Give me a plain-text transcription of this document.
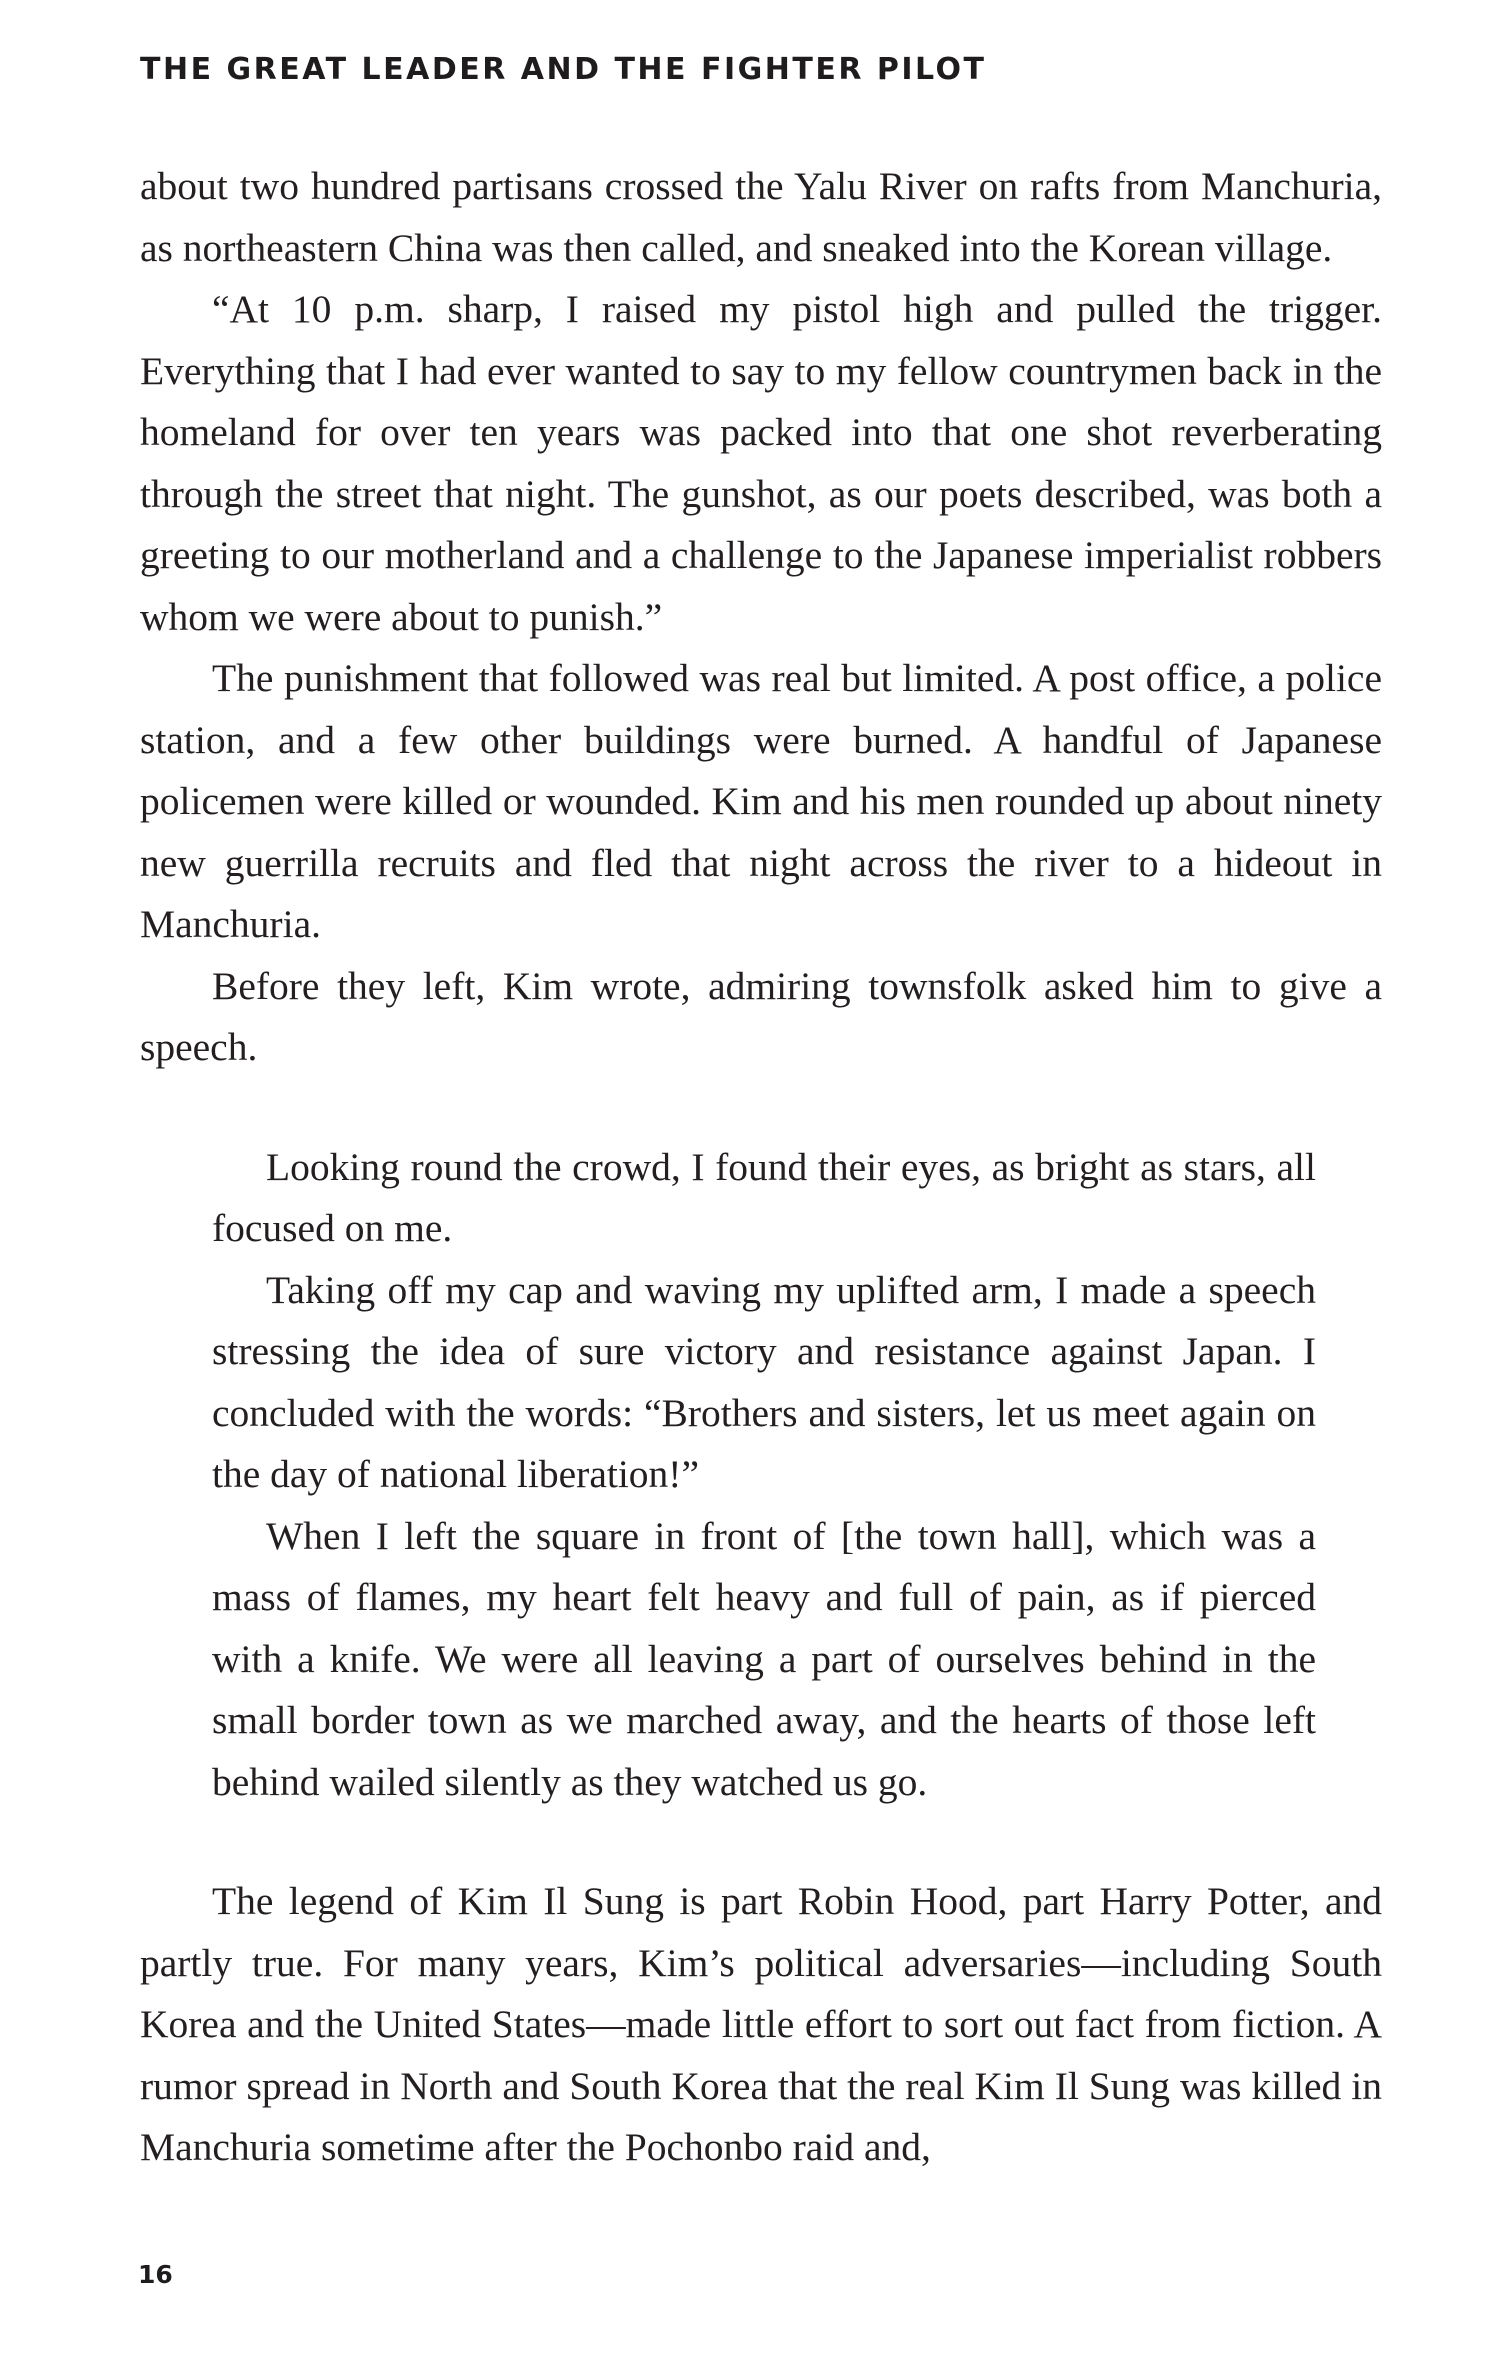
THE GREAT LEADER AND THE FIGHTER PILOT

about two hundred partisans crossed the Yalu River on rafts from Manchuria, as northeastern China was then called, and sneaked into the Korean village.

“At 10 p.m. sharp, I raised my pistol high and pulled the trigger. Everything that I had ever wanted to say to my fellow countrymen back in the homeland for over ten years was packed into that one shot reverberating through the street that night. The gunshot, as our poets described, was both a greeting to our motherland and a challenge to the Japanese imperialist robbers whom we were about to punish.”

The punishment that followed was real but limited. A post office, a police station, and a few other buildings were burned. A handful of Japanese policemen were killed or wounded. Kim and his men rounded up about ninety new guerrilla recruits and fled that night across the river to a hideout in Manchuria.

Before they left, Kim wrote, admiring townsfolk asked him to give a speech.

Looking round the crowd, I found their eyes, as bright as stars, all focused on me.

Taking off my cap and waving my uplifted arm, I made a speech stressing the idea of sure victory and resistance against Japan. I concluded with the words: “Brothers and sisters, let us meet again on the day of national liberation!”

When I left the square in front of [the town hall], which was a mass of flames, my heart felt heavy and full of pain, as if pierced with a knife. We were all leaving a part of ourselves behind in the small border town as we marched away, and the hearts of those left behind wailed silently as they watched us go.

The legend of Kim Il Sung is part Robin Hood, part Harry Potter, and partly true. For many years, Kim’s political adversaries—including South Korea and the United States—made little effort to sort out fact from fiction. A rumor spread in North and South Korea that the real Kim Il Sung was killed in Manchuria sometime after the Pochonbo raid and,

16
